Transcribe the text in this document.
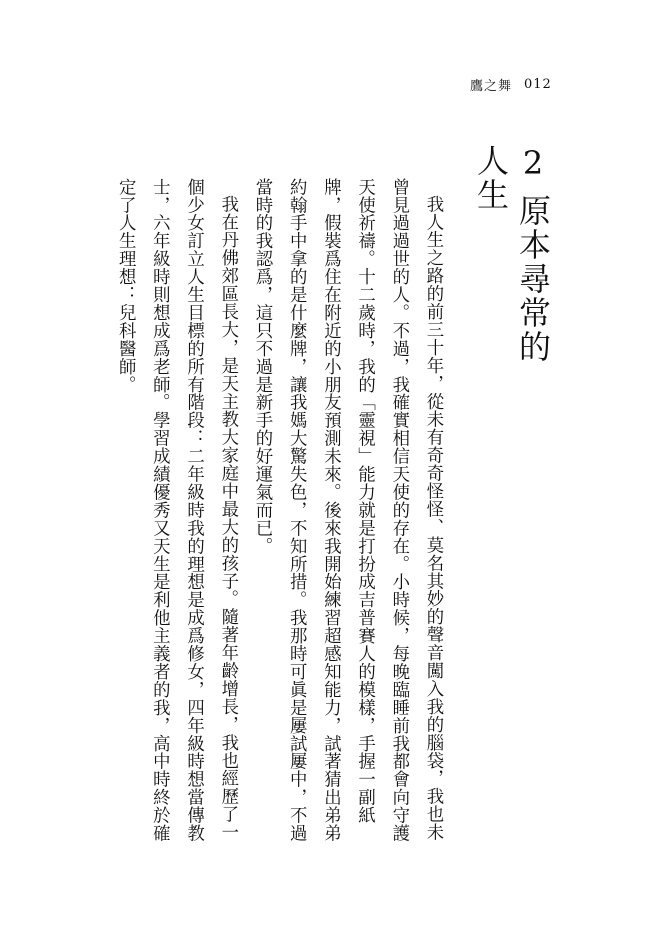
鷹之舞 012
2原本尋常的人生

我人生之路的前三十年，從未有奇奇怪怪、莫名其妙的聲音闖入我的腦袋，我也未曾見過過世的人。不過，我確實相信天使的存在。小時候，每晚臨睡前我都會向守護天使祈禱。十二歲時，我的「靈視」能力就是打扮成吉普賽人的模樣，手握一副紙牌，假裝爲住在附近的小朋友預測未來。後來我開始練習超感知能力，試著猜出弟弟約翰手中拿的是什麼牌，讓我媽大驚失色，不知所措。我那時可眞是屢試屢中，不過當時的我認爲，這只不過是新手的好運氣而已。

我在丹佛郊區長大，是天主教大家庭中最大的孩子。隨著年齡增長，我也經歷了一個少女訂立人生目標的所有階段：二年級時我的理想是成爲修女，四年級時想當傳教士，六年級時則想成爲老師。學習成績優秀又天生是利他主義者的我，高中時終於確定了人生理想：兒科醫師。
